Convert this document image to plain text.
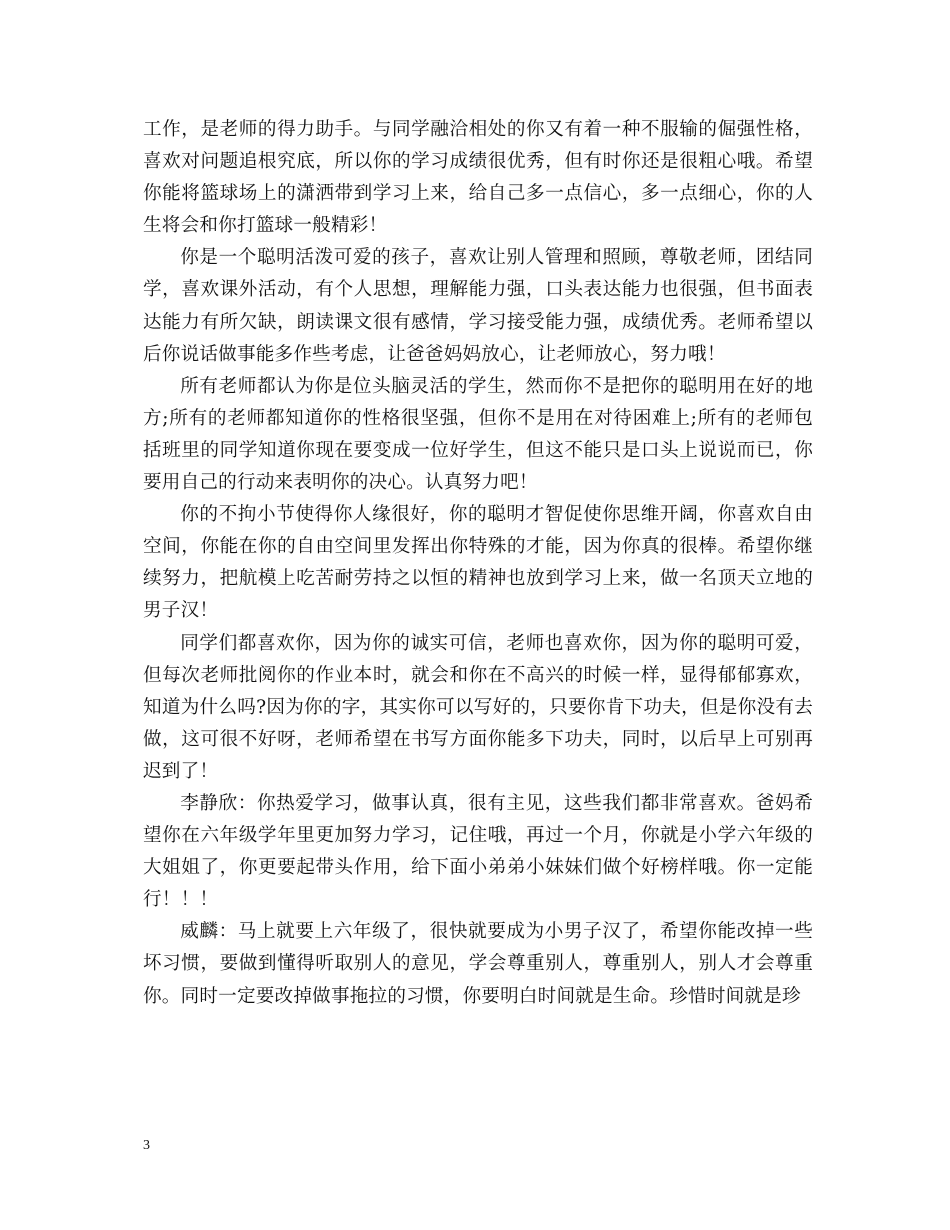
工作，是老师的得力助手。与同学融洽相处的你又有着一种不服输的倔强性格，喜欢对问题追根究底，所以你的学习成绩很优秀，但有时你还是很粗心哦。希望你能将篮球场上的潇洒带到学习上来，给自己多一点信心，多一点细心，你的人生将会和你打篮球一般精彩！

你是一个聪明活泼可爱的孩子，喜欢让别人管理和照顾，尊敬老师，团结同学，喜欢课外活动，有个人思想，理解能力强，口头表达能力也很强，但书面表达能力有所欠缺，朗读课文很有感情，学习接受能力强，成绩优秀。老师希望以后你说话做事能多作些考虑，让爸爸妈妈放心，让老师放心，努力哦！

所有老师都认为你是位头脑灵活的学生，然而你不是把你的聪明用在好的地方;所有的老师都知道你的性格很坚强，但你不是用在对待困难上;所有的老师包括班里的同学知道你现在要变成一位好学生，但这不能只是口头上说说而已，你要用自己的行动来表明你的决心。认真努力吧！

你的不拘小节使得你人缘很好，你的聪明才智促使你思维开阔，你喜欢自由空间，你能在你的自由空间里发挥出你特殊的才能，因为你真的很棒。希望你继续努力，把航模上吃苦耐劳持之以恒的精神也放到学习上来，做一名顶天立地的男子汉！

同学们都喜欢你，因为你的诚实可信，老师也喜欢你，因为你的聪明可爱，但每次老师批阅你的作业本时，就会和你在不高兴的时候一样，显得郁郁寡欢，知道为什么吗?因为你的字，其实你可以写好的，只要你肯下功夫，但是你没有去做，这可很不好呀，老师希望在书写方面你能多下功夫，同时，以后早上可别再迟到了！

李静欣：你热爱学习，做事认真，很有主见，这些我们都非常喜欢。爸妈希望你在六年级学年里更加努力学习，记住哦，再过一个月，你就是小学六年级的大姐姐了，你更要起带头作用，给下面小弟弟小妹妹们做个好榜样哦。你一定能行！！！

威麟：马上就要上六年级了，很快就要成为小男子汉了，希望你能改掉一些坏习惯，要做到懂得听取别人的意见，学会尊重别人，尊重别人，别人才会尊重你。同时一定要改掉做事拖拉的习惯，你要明白时间就是生命。珍惜时间就是珍

3
